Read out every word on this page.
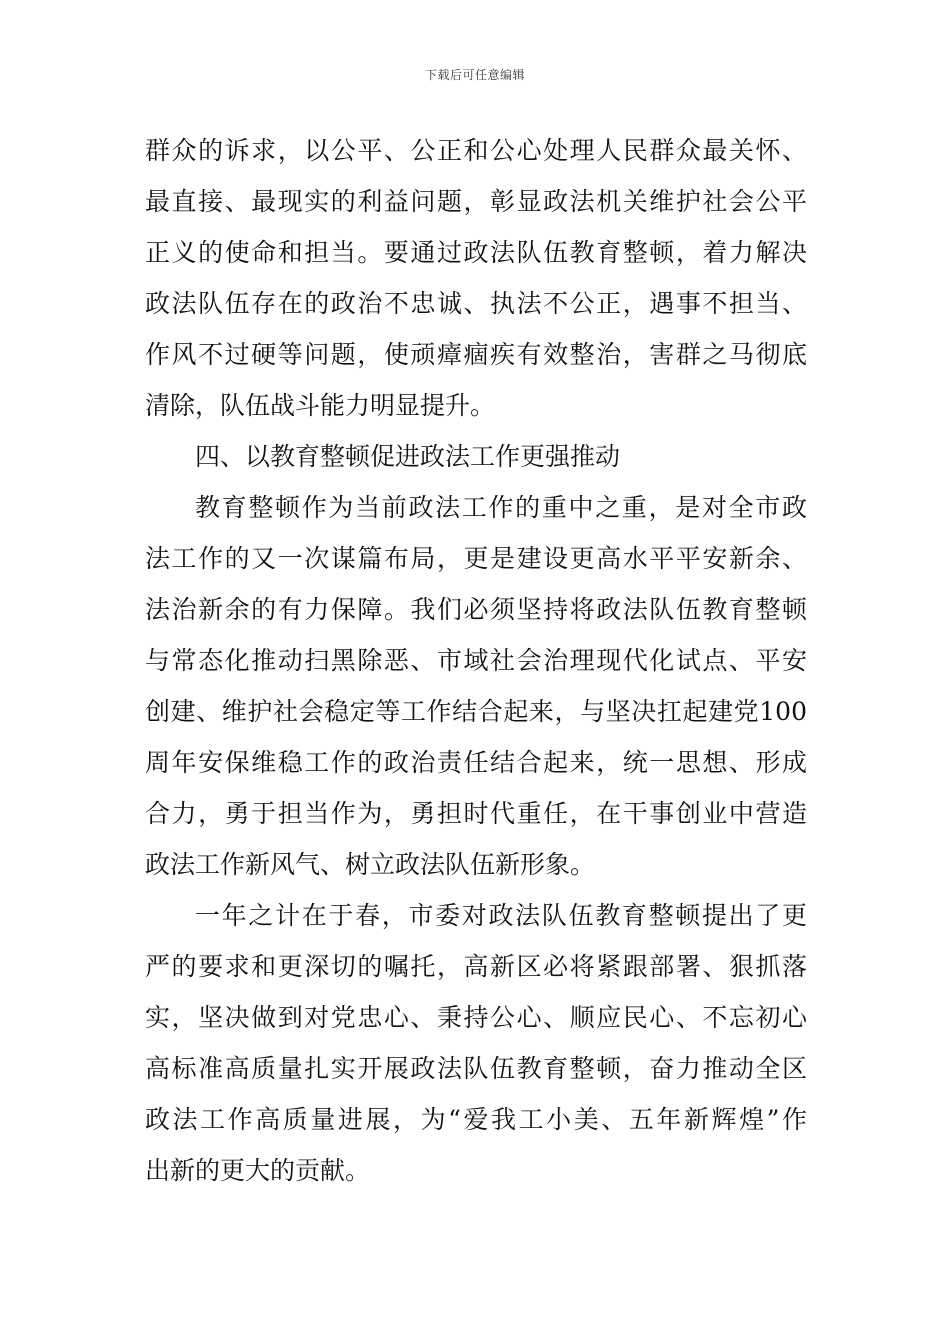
下载后可任意编辑
群众的诉求，以公平、公正和公心处理人民群众最关怀、
最直接、最现实的利益问题，彰显政法机关维护社会公平
正义的使命和担当。要通过政法队伍教育整顿，着力解决
政法队伍存在的政治不忠诚、执法不公正，遇事不担当、
作风不过硬等问题，使顽瘴痼疾有效整治，害群之马彻底
清除，队伍战斗能力明显提升。
四、以教育整顿促进政法工作更强推动
教育整顿作为当前政法工作的重中之重，是对全市政
法工作的又一次谋篇布局，更是建设更高水平平安新余、
法治新余的有力保障。我们必须坚持将政法队伍教育整顿
与常态化推动扫黑除恶、市域社会治理现代化试点、平安
创建、维护社会稳定等工作结合起来，与坚决扛起建党100
周年安保维稳工作的政治责任结合起来，统一思想、形成
合力，勇于担当作为，勇担时代重任，在干事创业中营造
政法工作新风气、树立政法队伍新形象。
一年之计在于春，市委对政法队伍教育整顿提出了更
严的要求和更深切的嘱托，高新区必将紧跟部署、狠抓落
实，坚决做到对党忠心、秉持公心、顺应民心、不忘初心
高标准高质量扎实开展政法队伍教育整顿，奋力推动全区
政法工作高质量进展，为“爱我工小美、五年新辉煌”作
出新的更大的贡献。
